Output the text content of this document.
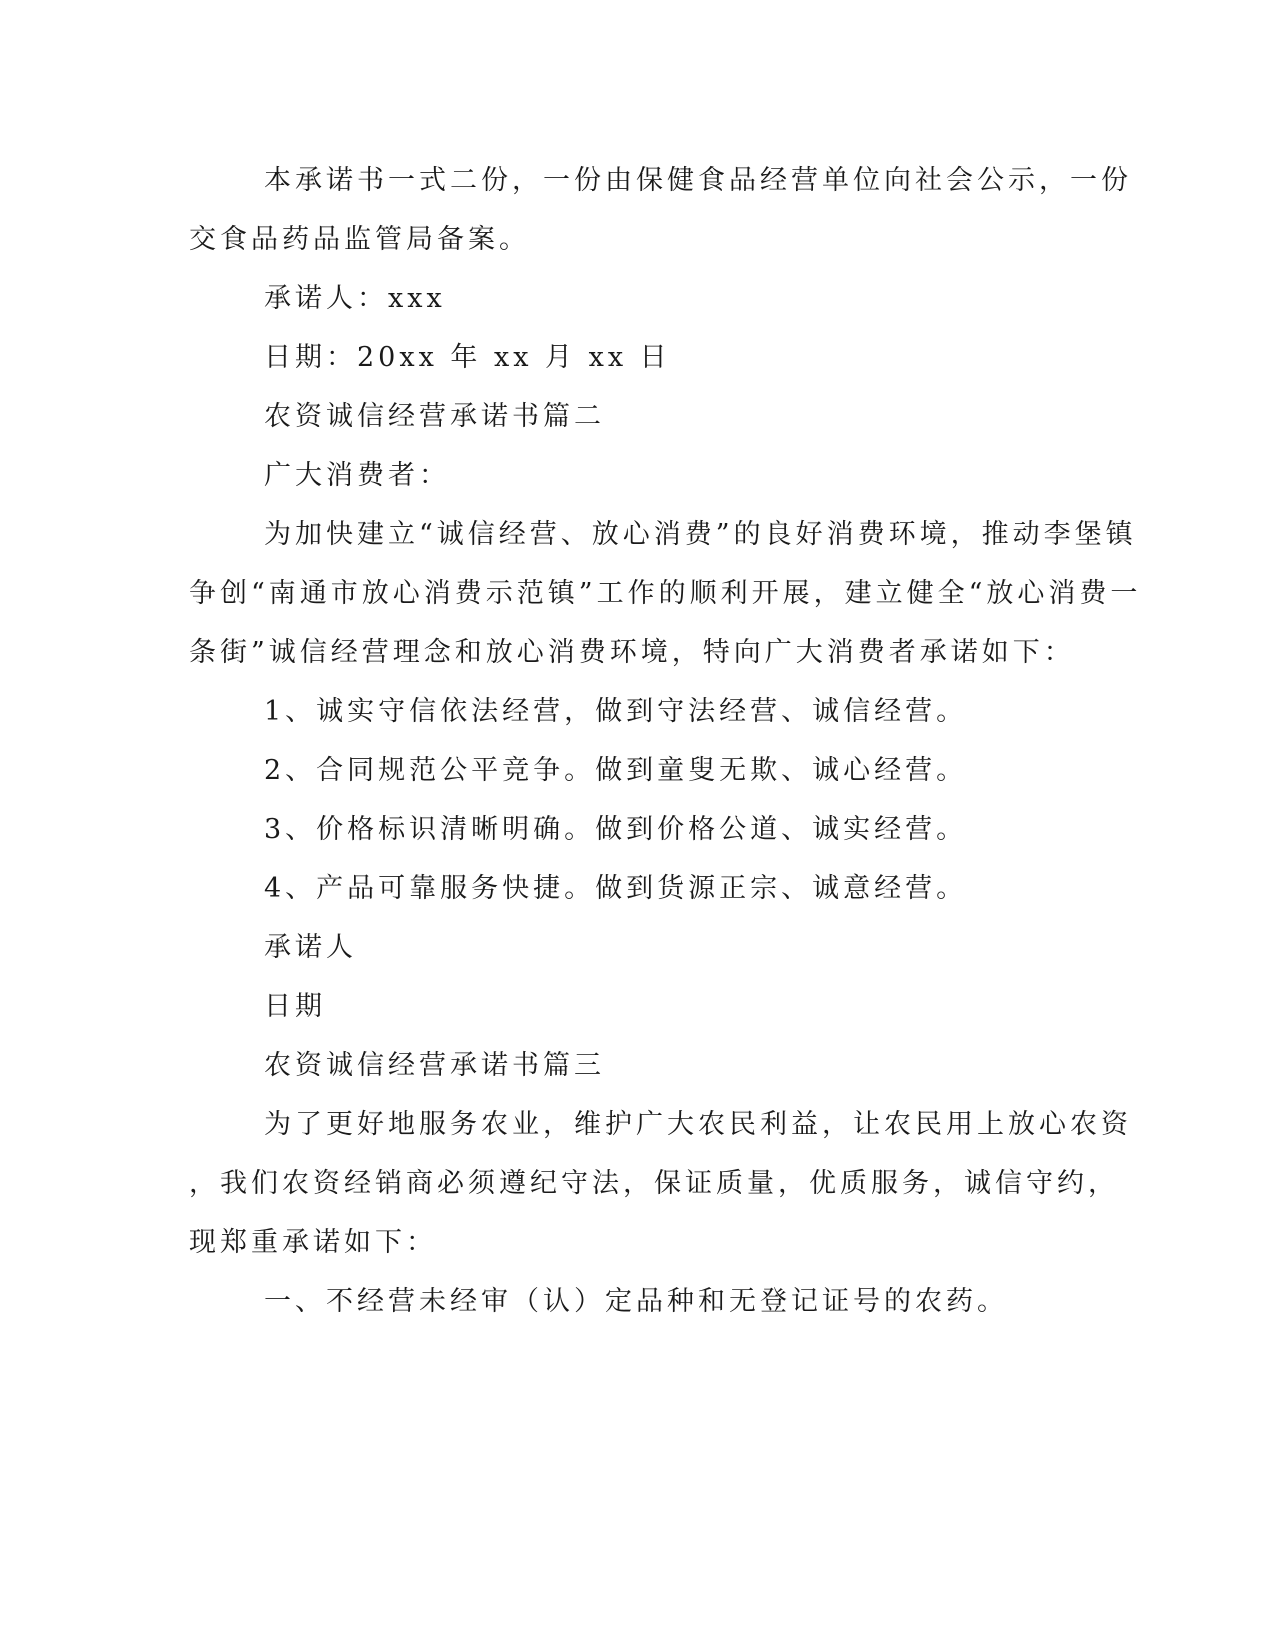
本承诺书一式二份，一份由保健食品经营单位向社会公示，一份
交食品药品监管局备案。
承诺人：xxx
日期：20xx 年 xx 月 xx 日
农资诚信经营承诺书篇二
广大消费者：
为加快建立“诚信经营、放心消费”的良好消费环境，推动李堡镇
争创“南通市放心消费示范镇”工作的顺利开展，建立健全“放心消费一
条街”诚信经营理念和放心消费环境，特向广大消费者承诺如下：
1、诚实守信依法经营，做到守法经营、诚信经营。
2、合同规范公平竞争。做到童叟无欺、诚心经营。
3、价格标识清晰明确。做到价格公道、诚实经营。
4、产品可靠服务快捷。做到货源正宗、诚意经营。
承诺人
日期
农资诚信经营承诺书篇三
为了更好地服务农业，维护广大农民利益，让农民用上放心农资
，我们农资经销商必须遵纪守法，保证质量，优质服务，诚信守约，
现郑重承诺如下：
一、不经营未经审（认）定品种和无登记证号的农药。
